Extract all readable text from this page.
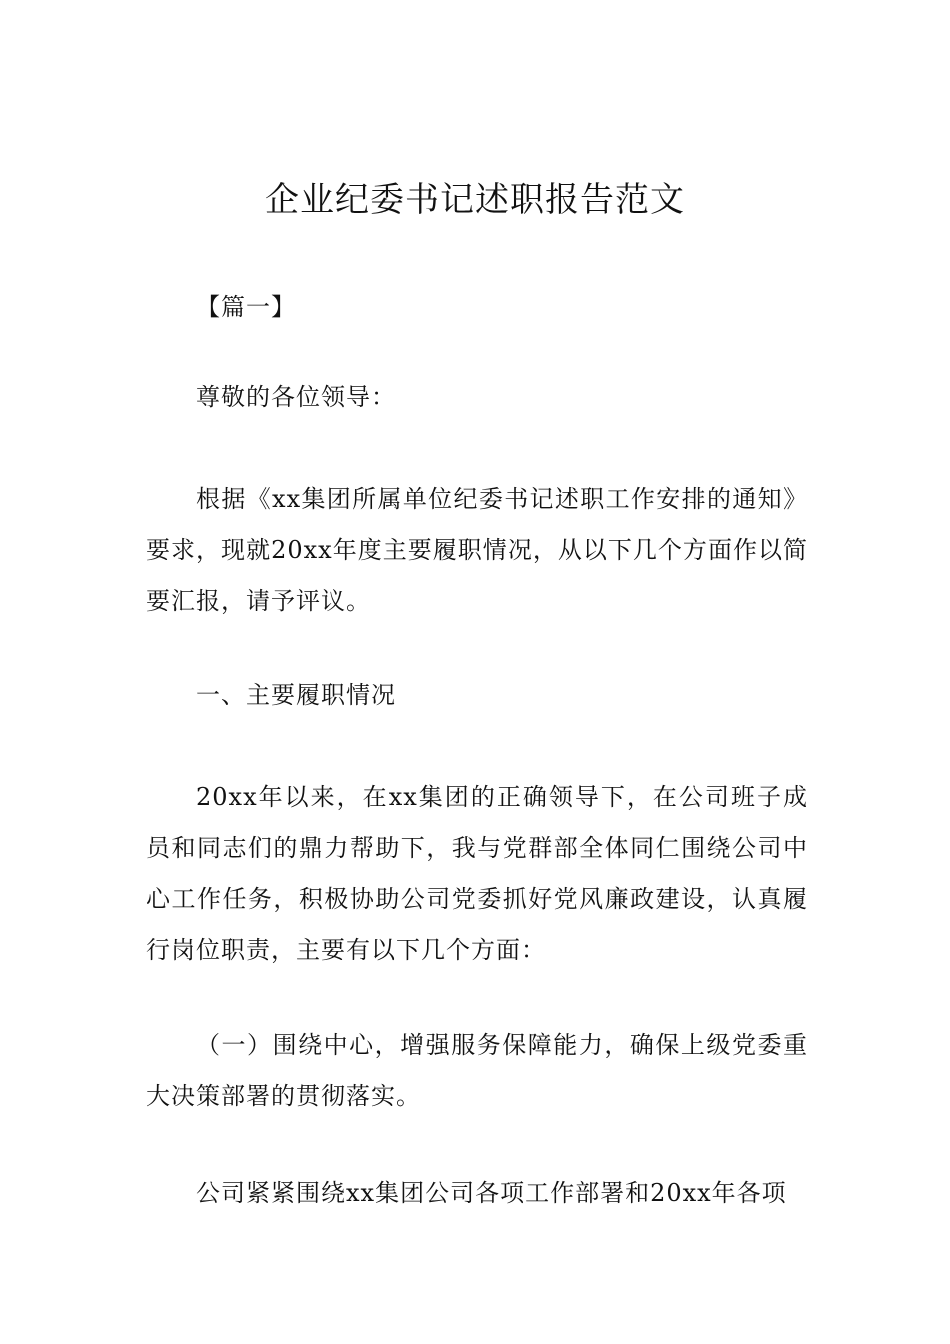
企业纪委书记述职报告范文
【篇一】
尊敬的各位领导：
根据《xx集团所属单位纪委书记述职工作安排的通知》要求，现就20xx年度主要履职情况，从以下几个方面作以简要汇报，请予评议。
一、主要履职情况
20xx年以来，在xx集团的正确领导下，在公司班子成员和同志们的鼎力帮助下，我与党群部全体同仁围绕公司中心工作任务，积极协助公司党委抓好党风廉政建设，认真履行岗位职责，主要有以下几个方面：
（一）围绕中心，增强服务保障能力，确保上级党委重大决策部署的贯彻落实。
公司紧紧围绕xx集团公司各项工作部署和20xx年各项
